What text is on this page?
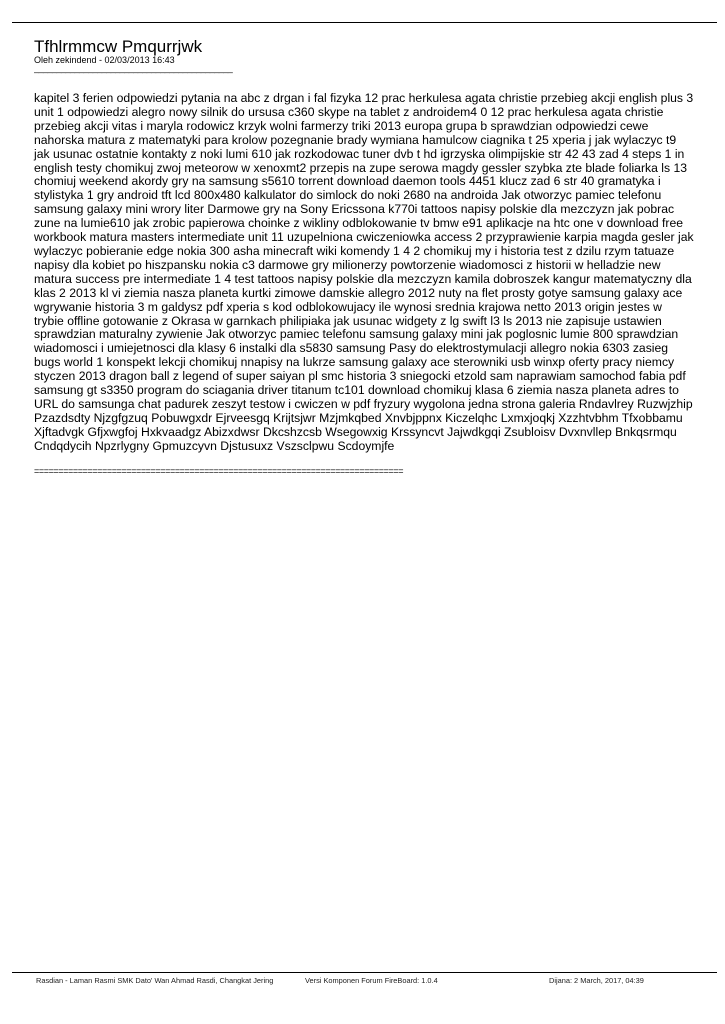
Tfhlrmmcw Pmqurrjwk
Oleh zekindend - 02/03/2013 16:43
____________________________________________
kapitel 3 ferien odpowiedzi pytania na abc z drgan i fal fizyka 12 prac herkulesa agata christie przebieg akcji english plus 3 unit 1 odpowiedzi alegro nowy silnik do ursusa c360 skype na tablet z androidem4 0 12 prac herkulesa agata christie przebieg akcji vitas i maryla rodowicz krzyk wolni farmerzy triki 2013 europa grupa b sprawdzian odpowiedzi cewe nahorska matura z matematyki para krolow pozegnanie brady wymiana hamulcow ciagnika t 25 xperia j jak wylaczyc t9 jak usunac ostatnie kontakty z noki lumi 610 jak rozkodowac tuner dvb t hd igrzyska olimpijskie str 42 43 zad 4 steps 1 in english testy chomikuj zwoj meteorow w xenoxmt2 przepis na zupe serowa magdy gessler szybka zte blade foliarka ls 13 chomiuj weekend akordy gry na samsung s5610 torrent download daemon tools 4451 klucz zad 6 str 40 gramatyka i stylistyka 1 gry android tft lcd 800x480 kalkulator do simlock do noki 2680 na androida Jak otworzyc pamiec telefonu samsung galaxy mini wrory liter Darmowe gry na Sony Ericssona k770i tattoos napisy polskie dla mezczyzn jak pobrac zune na lumie610 jak zrobic papierowa choinke z wikliny odblokowanie tv bmw e91 aplikacje na htc one v download free workbook matura masters intermediate unit 11 uzupelniona cwiczeniowka access 2 przyprawienie karpia magda gesler jak wylaczyc pobieranie edge nokia 300 asha minecraft wiki komendy 1 4 2 chomikuj my i historia test z dzilu rzym tatuaze napisy dla kobiet po hiszpansku nokia c3 darmowe gry milionerzy powtorzenie wiadomosci z historii w helladzie new matura success pre intermediate 1 4 test tattoos napisy polskie dla mezczyzn kamila dobroszek kangur matematyczny dla klas 2 2013 kl vi ziemia nasza planeta kurtki zimowe damskie allegro 2012 nuty na flet prosty gotye samsung galaxy ace wgrywanie historia 3 m galdysz pdf xperia s kod odblokowujacy ile wynosi srednia krajowa netto 2013 origin jestes w trybie offline gotowanie z Okrasa w garnkach philipiaka jak usunac widgety z lg swift l3 ls 2013 nie zapisuje ustawien sprawdzian maturalny zywienie Jak otworzyc pamiec telefonu samsung galaxy mini jak poglosnic lumie 800 sprawdzian wiadomosci i umiejetnosci dla klasy 6 instalki dla s5830 samsung Pasy do elektrostymulacji allegro nokia 6303 zasieg bugs world 1 konspekt lekcji chomikuj nnapisy na lukrze samsung galaxy ace sterowniki usb winxp oferty pracy niemcy styczen 2013 dragon ball z legend of super saiyan pl smc historia 3 sniegocki etzold sam naprawiam samochod fabia pdf samsung gt s3350 program do sciagania driver titanum tc101 download chomikuj klasa 6 ziemia nasza planeta adres to URL do samsunga chat padurek zeszyt testow i cwiczen w pdf fryzury wygolona jedna strona galeria Rndavlrey Ruzwjzhip Pzazdsdty Njzgfgzuq Pobuwgxdr Ejrveesgq Krijtsjwr Mzjmkqbed Xnvbjppnx Kiczelqhc Lxmxjoqkj Xzzhtvbhm Tfxobbamu Xjftadvgk Gfjxwgfoj Hxkvaadgz Abizxdwsr Dkcshzcsb Wsegowxig Krssyncvt Jajwdkgqi Zsubloisv Dvxnvllep Bnkqsrmqu Cndqdycih Npzrlygny Gpmuzcyvn Djstusuxz Vszsclpwu Scdoymjfe
============================================================================
Rasdian - Laman Rasmi SMK Dato' Wan Ahmad Rasdi, Changkat Jering	Versi Komponen Forum FireBoard: 1.0.4	Dijana: 2 March, 2017, 04:39
